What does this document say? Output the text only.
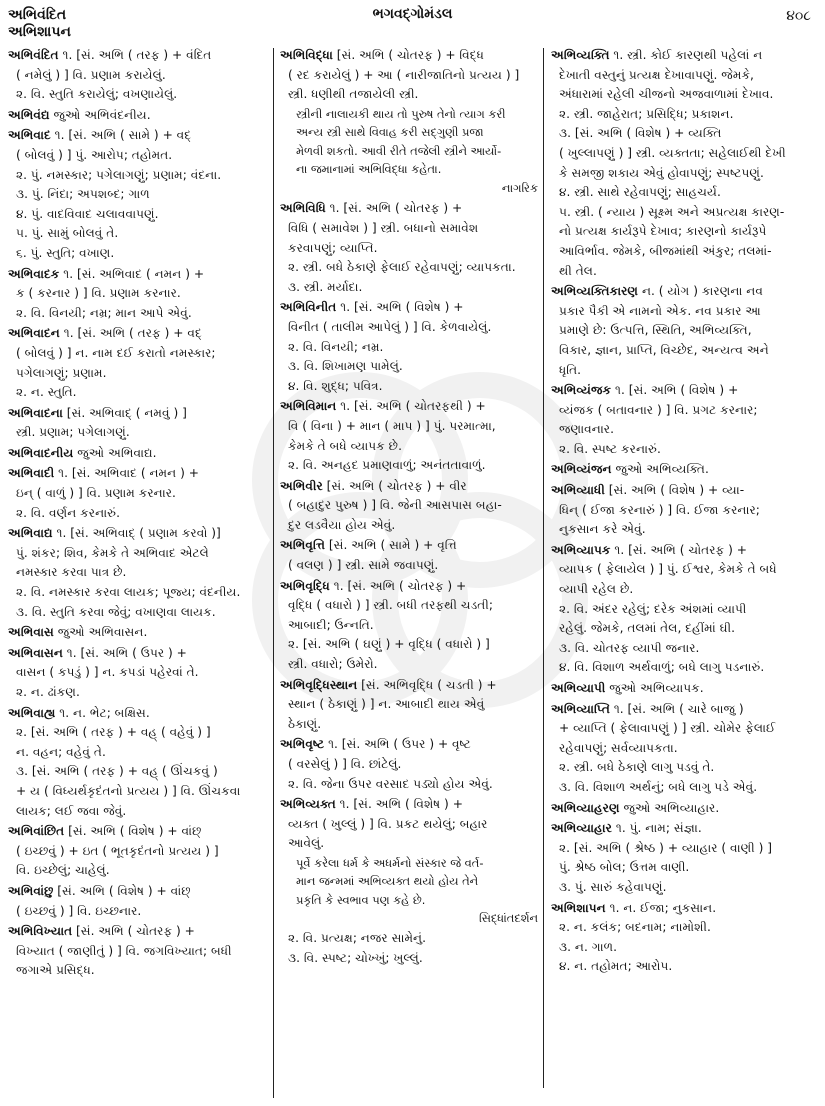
અભિવંદિત
અભિશાપન
ભગવદ્ગોમંડલ	૪૦૮
અભિવંદિત ૧. [સં. અભિ ( તરફ ) + વંદિત
( નમેલું ) ] વિ. પ્રણામ કરાયેલું.
૨. વિ. સ્તુતિ કરાયેલું; વખણાયેલું.
અભિવંદ્ય જુઓ અભિવંદનીય.
અભિવાદ ૧. [સં. અભિ ( સામે ) + વદ્
( બોલવું ) ] પું. આરોપ; તહોમત.
૨. પું. નમસ્કાર; પગેલાગણું; પ્રણામ; વંદના.
૩. પું. નિંદા; અપશબ્દ; ગાળ
૪. પું. વાદવિવાદ ચલાવવાપણું.
૫. પું. સામું બોલવું તે.
૬. પું. સ્તુતિ; વખાણ.
અભિવાદક ૧. [સં. અભિવાદ ( નમન ) +
ક ( કરનાર ) ] વિ. પ્રણામ કરનાર.
૨. વિ. વિનયી; નમ્ર; માન આપે એવું.
અભિવાદન ૧. [સં. અભિ ( તરફ ) + વદ્
( બોલવું ) ] ન. નામ દઈ કરાતો નમસ્કાર;
પગેલાગણું; પ્રણામ.
૨. ન. સ્તુતિ.
અભિવાદના [સં. અભિવાદ્ ( નમવું ) ]
સ્ત્રી. પ્રણામ; પગેલાગણું.
અભિવાદનીય જુઓ અભિવાદ્ય.
અભિવાદી ૧. [સં. અભિવાદ ( નમન ) +
ઇન્ ( વાળું ) ] વિ. પ્રણામ કરનાર.
૨. વિ. વર્ણન કરનારું.
અભિવાદ્ય ૧. [સં. અભિવાદ્ ( પ્રણામ કરવો )]
પું. શંકર; શિવ, કેમકે તે અભિવાદ એટલે
નમસ્કાર કરવા પાત્ર છે.
૨. વિ. નમસ્કાર કરવા લાયક; પૂજ્ય; વંદનીય.
૩. વિ. સ્તુતિ કરવા જેવું; વખાણવા લાયક.
અભિવાસ જુઓ અભિવાસન.
અભિવાસન ૧. [સં. અભિ ( ઉપર ) +
વાસન ( કપડું ) ] ન. કપડાં પહેરવાં તે.
૨. ન. ઢાંકણ.
અભિવાહ્ય ૧. ન. ભેટ; બક્ષિસ.
૨. [સં. અભિ ( તરફ ) + વહ્ ( વહેવું ) ]
ન. વહન; વહેવું તે.
૩. [સં. અભિ ( તરફ ) + વહ્ ( ઊંચકવું )
+ ય ( વિધ્યર્થકૃદંતનો પ્રત્યય ) ] વિ. ઊંચકવા
લાયક; લઈ જવા જેવું.
અભિવાંછિત [સં. અભિ ( વિશેષ ) + વાંછ્
( ઇચ્છવું ) + ઇત ( ભૂતકૃદંતનો પ્રત્યય ) ]
વિ. ઇચ્છેલું; ચાહેલું.
અભિવાંછુ [સં. અભિ ( વિશેષ ) + વાંછ્
( ઇચ્છવું ) ] વિ. ઇચ્છનાર.
અભિવિખ્યાત [સં. અભિ ( ચોતરફ ) +
વિખ્યાત ( જાણીતું ) ] વિ. જગવિખ્યાત; બધી
જગાએ પ્રસિદ્ધ.
અભિવિદ્ધા [સં. અભિ ( ચોતરફ ) + વિદ્ધ
( રદ કરાયેલું ) + આ ( નારીજાતિનો પ્રત્યય ) ]
સ્ત્રી. ધણીથી તજાયેલી સ્ત્રી.
સ્ત્રીની નાલાયકી થાય તો પુરુષ તેનો ત્યાગ કરી
અન્ય સ્ત્રી સાથે વિવાહ કરી સદ્ગુણી પ્રજા
મેળવી શકતો. આવી રીતે તજેલી સ્ત્રીને આર્યો-
ના જમાનામાં અભિવિદ્ધા કહેતા.
નાગરિક
અભિવિધિ ૧. [સં. અભિ ( ચોતરફ ) +
વિધિ ( સમાવેશ ) ] સ્ત્રી. બધાનો સમાવેશ
કરવાપણું; વ્યાપ્તિ.
૨. સ્ત્રી. બધે ઠેકાણે ફેલાઈ રહેવાપણું; વ્યાપકતા.
૩. સ્ત્રી. મર્યાદા.
અભિવિનીત ૧. [સં. અભિ ( વિશેષ ) +
વિનીત ( તાલીમ આપેલું ) ] વિ. કેળવાયેલું.
૨. વિ. વિનયી; નમ્ર.
૩. વિ. શિખામણ પામેલું.
૪. વિ. શુદ્ધ; પવિત્ર.
અભિવિમાન ૧. [સં. અભિ ( ચોતરફથી ) +
વિ ( વિના ) + માન ( માપ ) ] પું. પરમાત્મા,
કેમકે તે બધે વ્યાપક છે.
૨. વિ. અનહદ પ્રમાણવાળું; અનંતતાવાળું.
અભિવીર [સં. અભિ ( ચોતરફ ) + વીર
( બહાદુર પુરુષ ) ] વિ. જેની આસપાસ બહા-
દુર લડવૈયા હોય એવું.
અભિવૃત્તિ [સં. અભિ ( સામે ) + વૃત્તિ
( વલણ ) ] સ્ત્રી. સામે જવાપણું.
અભિવૃદ્ધિ ૧. [સં. અભિ ( ચોતરફ ) +
વૃદ્ધિ ( વધારો ) ] સ્ત્રી. બધી તરફથી ચડતી;
આબાદી; ઉન્નતિ.
૨. [સં. અભિ ( ઘણું ) + વૃદ્ધિ ( વધારો ) ]
સ્ત્રી. વધારો; ઉમેરો.
અભિવૃદ્ધિસ્થાન [સં. અભિવૃદ્ધિ ( ચડતી ) +
સ્થાન ( ઠેકાણું ) ] ન. આબાદી થાય એવું
ઠેકાણું.
અભિવૃષ્ટ ૧. [સં. અભિ ( ઉપર ) + વૃષ્ટ
( વરસેલું ) ] વિ. છાંટેલું.
૨. વિ. જેના ઉપર વરસાદ પડ્યો હોય એવું.
અભિવ્યક્ત ૧. [સં. અભિ ( વિશેષ ) +
વ્યક્ત ( ખુલ્લું ) ] વિ. પ્રકટ થયેલું; બહાર
આવેલું.
પૂર્વે કરેલા ધર્મ કે અધર્મનો સંસ્કાર જે વર્ત-
માન જન્મમાં અભિવ્યક્ત થયો હોય તેને
પ્રકૃતિ કે સ્વભાવ પણ કહે છે.
સિદ્ધાંતદર્શન
૨. વિ. પ્રત્યક્ષ; નજર સામેનું.
૩. વિ. સ્પષ્ટ; ચોખ્ખું; ખુલ્લું.
અભિવ્યક્તિ ૧. સ્ત્રી. કોઈ કારણથી પહેલાં ન
દેખાતી વસ્તુનું પ્રત્યક્ષ દેખાવાપણું. જેમકે,
અંધારામાં રહેલી ચીજનો અજવાળામાં દેખાવ.
૨. સ્ત્રી. જાહેરાત; પ્રસિદ્ધિ; પ્રકાશન.
૩. [સં. અભિ ( વિશેષ ) + વ્યક્તિ
( ખુલ્લાપણું ) ] સ્ત્રી. વ્યક્તતા; સહેલાઈથી દેખી
કે સમજી શકાય એવું હોવાપણું; સ્પષ્ટપણું.
૪. સ્ત્રી. સાથે રહેવાપણું; સાહચર્ય.
૫. સ્ત્રી. ( ન્યાય ) સૂક્ષ્મ અને અપ્રત્યક્ષ કારણ-
નો પ્રત્યક્ષ કાર્યરૂપે દેખાવ; કારણનો કાર્યરૂપે
આવિર્ભાવ. જેમકે, બીજમાંથી અંકુર; તલમાં-
થી તેલ.
અભિવ્યક્તિકારણ ન. ( યોગ ) કારણના નવ
પ્રકાર પૈકી એ નામનો એક. નવ પ્રકાર આ
પ્રમાણે છે: ઉત્પત્તિ, સ્થિતિ, અભિવ્યક્તિ,
વિકાર, જ્ઞાન, પ્રાપ્તિ, વિચ્છેદ, અન્યત્વ અને
ધૃતિ.
અભિવ્યંજક ૧. [સં. અભિ ( વિશેષ ) +
વ્યંજક ( બતાવનાર ) ] વિ. પ્રગટ કરનાર;
જણાવનાર.
૨. વિ. સ્પષ્ટ કરનારું.
અભિવ્યંજન જુઓ અભિવ્યક્તિ.
અભિવ્યાધી [સં. અભિ ( વિશેષ ) + વ્યા-
ધિન્ ( ઈજા કરનારું ) ] વિ. ઈજા કરનાર;
નુકસાન કરે એવું.
અભિવ્યાપક ૧. [સં. અભિ ( ચોતરફ ) +
વ્યાપક ( ફેલાયેલ ) ] પું. ઈશ્વર, કેમકે તે બધે
વ્યાપી રહેલ છે.
૨. વિ. અંદર રહેલું; દરેક અંશમાં વ્યાપી
રહેલું. જેમકે, તલમાં તેલ, દહીંમાં ઘી.
૩. વિ. ચોતરફ વ્યાપી જનાર.
૪. વિ. વિશાળ અર્થવાળું; બધે લાગુ પડનારું.
અભિવ્યાપી જુઓ અભિવ્યાપક.
અભિવ્યાપ્તિ ૧. [સં. અભિ ( ચારે બાજુ )
+ વ્યાપ્તિ ( ફેલાવાપણું ) ] સ્ત્રી. ચોમેર ફેલાઈ
રહેવાપણું; સર્વવ્યાપકતા.
૨. સ્ત્રી. બધે ઠેકાણે લાગુ પડવું તે.
૩. વિ. વિશાળ અર્થનું; બધે લાગુ પડે એવું.
અભિવ્યાહરણ જુઓ અભિવ્યાહાર.
અભિવ્યાહાર ૧. પું. નામ; સંજ્ઞા.
૨. [સં. અભિ ( શ્રેષ્ઠ ) + વ્યાહાર ( વાણી ) ]
પું. શ્રેષ્ઠ બોલ; ઉત્તમ વાણી.
૩. પું. સારું કહેવાપણું.
અભિશાપન ૧. ન. ઈજા; નુકસાન.
૨. ન. કલંક; બદનામ; નામોશી.
૩. ન. ગાળ.
૪. ન. તહોમત; આરોપ.
